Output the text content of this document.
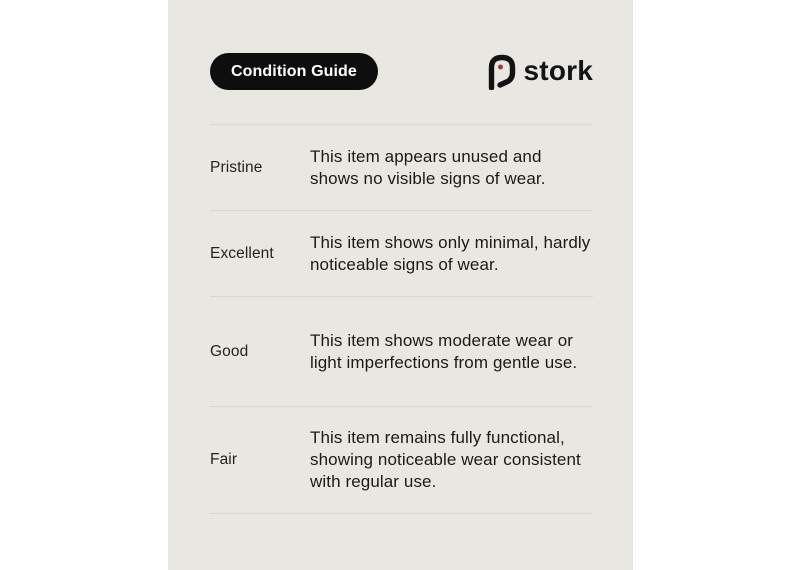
Condition Guide	stork
Pristine
This item appears unused and shows no visible signs of wear.
Excellent
This item shows only minimal, hardly noticeable signs of wear.
Good
This item shows moderate wear or light imperfections from gentle use.
Fair
This item remains fully functional, showing noticeable wear consistent with regular use.
